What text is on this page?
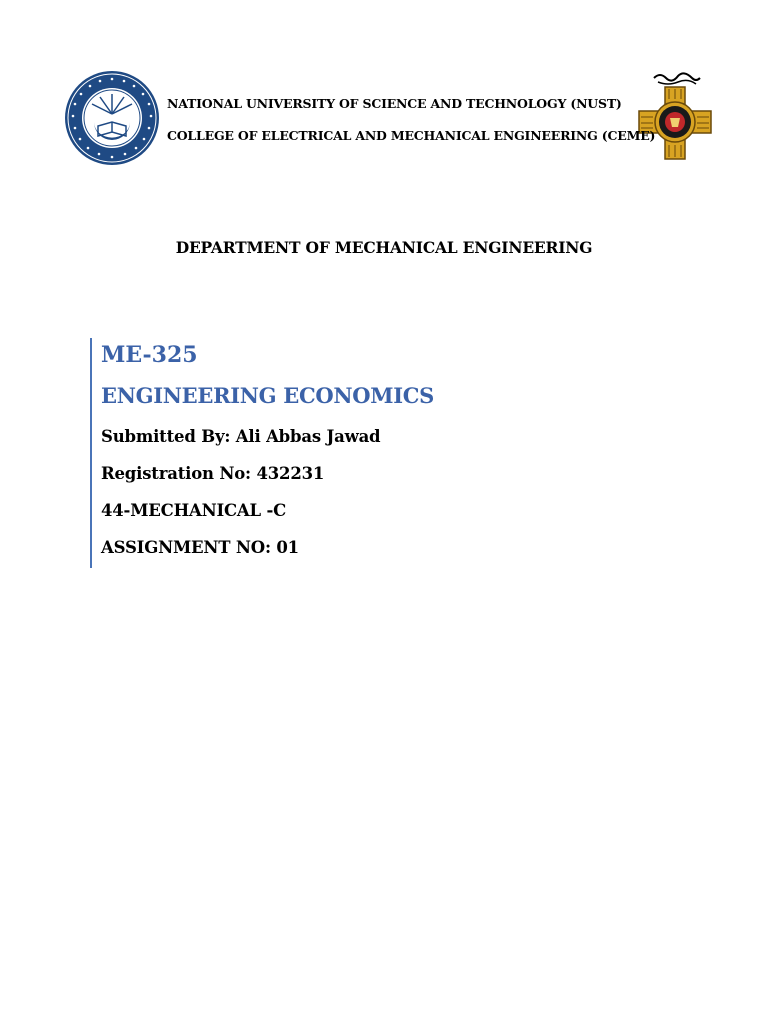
NATIONAL UNIVERSITY OF SCIENCE AND TECHNOLOGY (NUST)
COLLEGE OF ELECTRICAL AND MECHANICAL ENGINEERING (CEME)
DEPARTMENT OF MECHANICAL ENGINEERING
ME-325
ENGINEERING ECONOMICS
Submitted By: Ali Abbas Jawad
Registration No: 432231
44-MECHANICAL -C
ASSIGNMENT NO: 01
